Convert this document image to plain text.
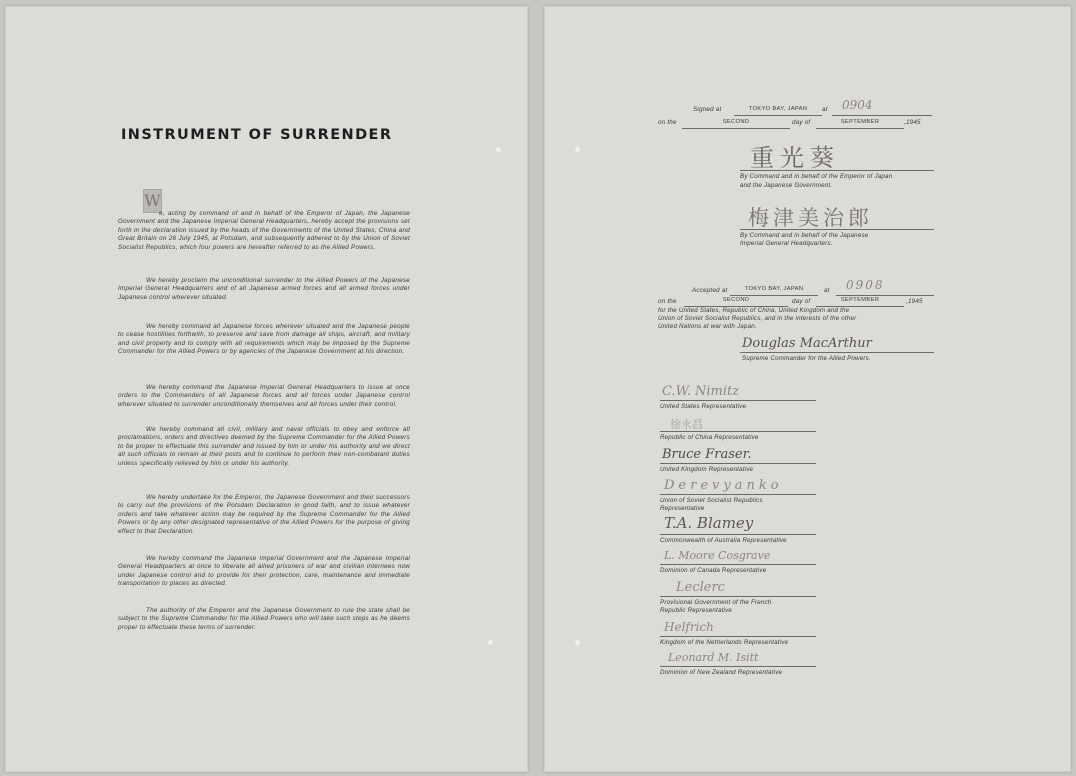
INSTRUMENT OF SURRENDER
W
e, acting by command of and in behalf of the Emperor of Japan, the Japanese Government and the Japanese Imperial General Headquarters, hereby accept the provisions set forth in the declaration issued by the heads of the Governments of the United States, China and Great Britain on 26 July 1945, at Potsdam, and subsequently adhered to by the Union of Soviet Socialist Republics, which four powers are hereafter referred to as the Allied Powers.
We hereby proclaim the unconditional surrender to the Allied Powers of the Japanese Imperial General Headquarters and of all Japanese armed forces and all armed forces under Japanese control wherever situated.
We hereby command all Japanese forces wherever situated and the Japanese people to cease hostilities forthwith, to preserve and save from damage all ships, aircraft, and military and civil property and to comply with all requirements which may be imposed by the Supreme Commander for the Allied Powers or by agencies of the Japanese Government at his direction.
We hereby command the Japanese Imperial General Headquarters to issue at once orders to the Commanders of all Japanese forces and all forces under Japanese control wherever situated to surrender unconditionally themselves and all forces under their control.
We hereby command all civil, military and naval officials to obey and enforce all proclamations, orders and directives deemed by the Supreme Commander for the Allied Powers to be proper to effectuate this surrender and issued by him or under his authority and we direct all such officials to remain at their posts and to continue to perform their non-combatant duties unless specifically relieved by him or under his authority.
We hereby undertake for the Emperor, the Japanese Government and their successors to carry out the provisions of the Potsdam Declaration in good faith, and to issue whatever orders and take whatever action may be required by the Supreme Commander for the Allied Powers or by any other designated representative of the Allied Powers for the purpose of giving effect to that Declaration.
We hereby command the Japanese Imperial Government and the Japanese Imperial General Headquarters at once to liberate all allied prisoners of war and civilian internees now under Japanese control and to provide for their protection, care, maintenance and immediate transportation to places as directed.
The authority of the Emperor and the Japanese Government to rule the state shall be subject to the Supreme Commander for the Allied Powers who will take such steps as he deems proper to effectuate these terms of surrender.
Signed at	TOKYO BAY, JAPAN	at 0904
on the	SECOND	day of	SEPTEMBER	,1945
重光葵
By Command and in behalf of the Emperor of Japan
and the Japanese Government.
梅津美治郎
By Command and in behalf of the Japanese
Imperial General Headquarters.
Accepted at	TOKYO BAY, JAPAN	at 0908
on the	SECOND	day of	SEPTEMBER	,1945
for the United States, Republic of China, United Kingdom and the
Union of Soviet Socialist Republics, and in the interests of the other
United Nations at war with Japan.
Douglas MacArthur
Supreme Commander for the Allied Powers.
C.W. Nimitz
United States Representative
徐永昌
Republic of China Representative
Bruce Fraser.
United Kingdom Representative
Derevyanko
Union of Soviet Socialist Republics
Representative
T.A. Blamey
Commonwealth of Australia Representative
L. Moore Cosgrave
Dominion of Canada Representative
Leclerc
Provisional Government of the French
Republic Representative
Helfrich
Kingdom of the Netherlands Representative
Leonard M. Isitt
Dominion of New Zealand Representative
